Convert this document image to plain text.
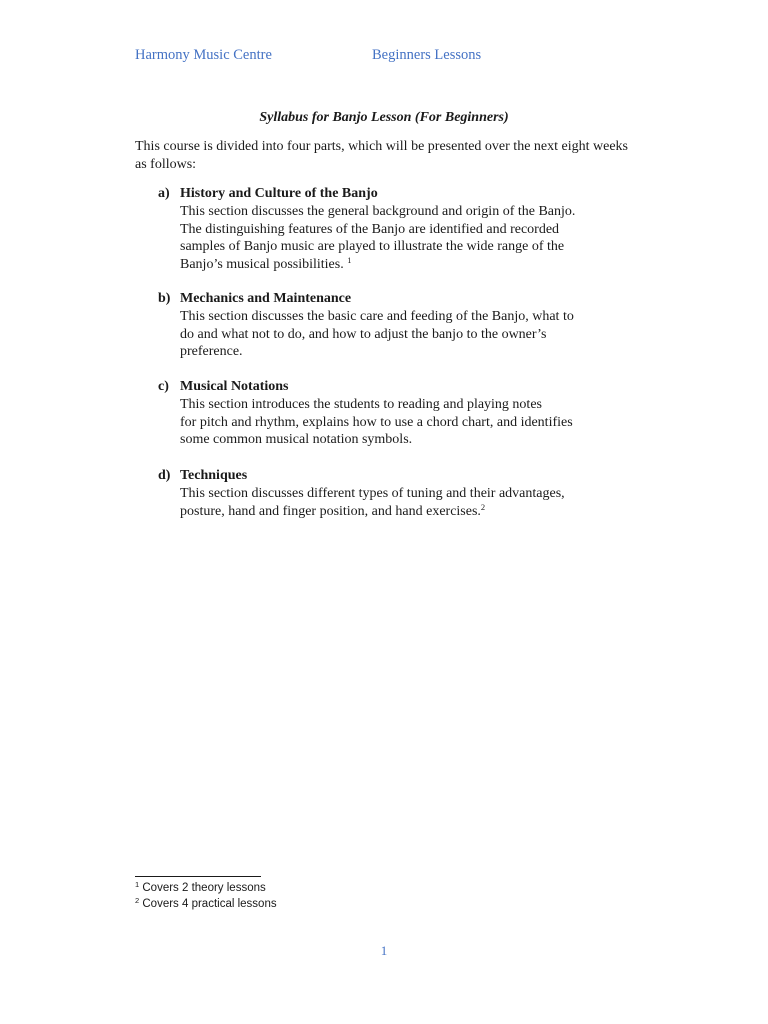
Harmony Music Centre	Beginners Lessons
Syllabus for Banjo Lesson (For Beginners)
This course is divided into four parts, which will be presented over the next eight weeks
as follows:
a) History and Culture of the Banjo
This section discusses the general background and origin of the Banjo.
The distinguishing features of the Banjo are identified and recorded
samples of Banjo music are played to illustrate the wide range of the
Banjo’s musical possibilities. $^1$
b) Mechanics and Maintenance
This section discusses the basic care and feeding of the Banjo, what to
do and what not to do, and how to adjust the banjo to the owner’s
preference.
c) Musical Notations
This section introduces the students to reading and playing notes
for pitch and rhythm, explains how to use a chord chart, and identifies
some common musical notation symbols.
d) Techniques
This section discusses different types of tuning and their advantages,
posture, hand and finger position, and hand exercises.$^2$
$^1$ Covers 2 theory lessons
$^2$ Covers 4 practical lessons
1
